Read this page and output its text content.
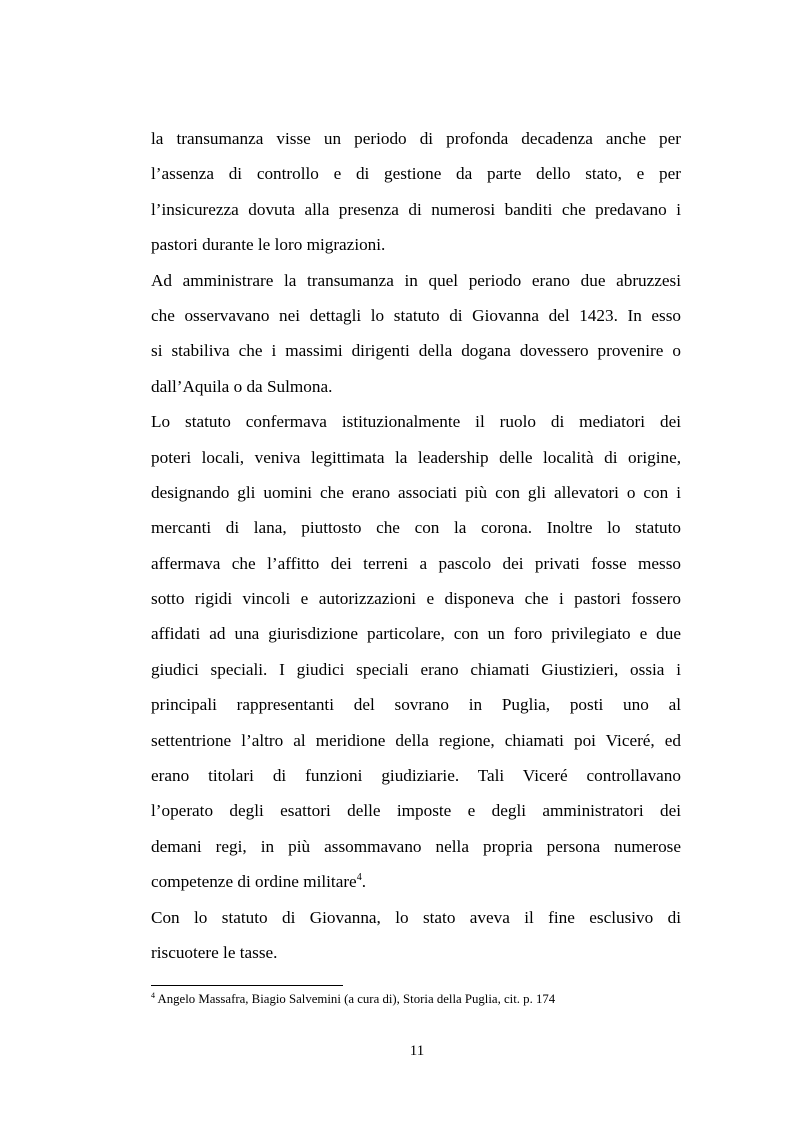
la transumanza visse un periodo di profonda decadenza anche per
l’assenza di controllo e di gestione da parte dello stato, e per
l’insicurezza dovuta alla presenza di numerosi banditi che predavano i
pastori durante le loro migrazioni.
Ad amministrare la transumanza in quel periodo erano due abruzzesi
che osservavano nei dettagli lo statuto di Giovanna del 1423. In esso
si stabiliva che i massimi dirigenti della dogana dovessero provenire o
dall’Aquila o da Sulmona.
Lo statuto confermava istituzionalmente il ruolo di mediatori dei
poteri locali, veniva legittimata la leadership delle località di origine,
designando gli uomini che erano associati più con gli allevatori o con i
mercanti di lana, piuttosto che con la corona. Inoltre lo statuto
affermava che l’affitto dei terreni a pascolo dei privati fosse messo
sotto rigidi vincoli e autorizzazioni e disponeva che i pastori fossero
affidati ad una giurisdizione particolare, con un foro privilegiato e due
giudici speciali. I giudici speciali erano chiamati Giustizieri, ossia i
principali rappresentanti del sovrano in Puglia, posti uno al
settentrione l’altro al meridione della regione, chiamati poi Viceré, ed
erano titolari di funzioni giudiziarie. Tali Viceré controllavano
l’operato degli esattori delle imposte e degli amministratori dei
demani regi, in più assommavano nella propria persona numerose
competenze di ordine militare$^4$.
Con lo statuto di Giovanna, lo stato aveva il fine esclusivo di
riscuotere le tasse.
$^4$ Angelo Massafra, Biagio Salvemini (a cura di), Storia della Puglia, cit. p. 174
11
